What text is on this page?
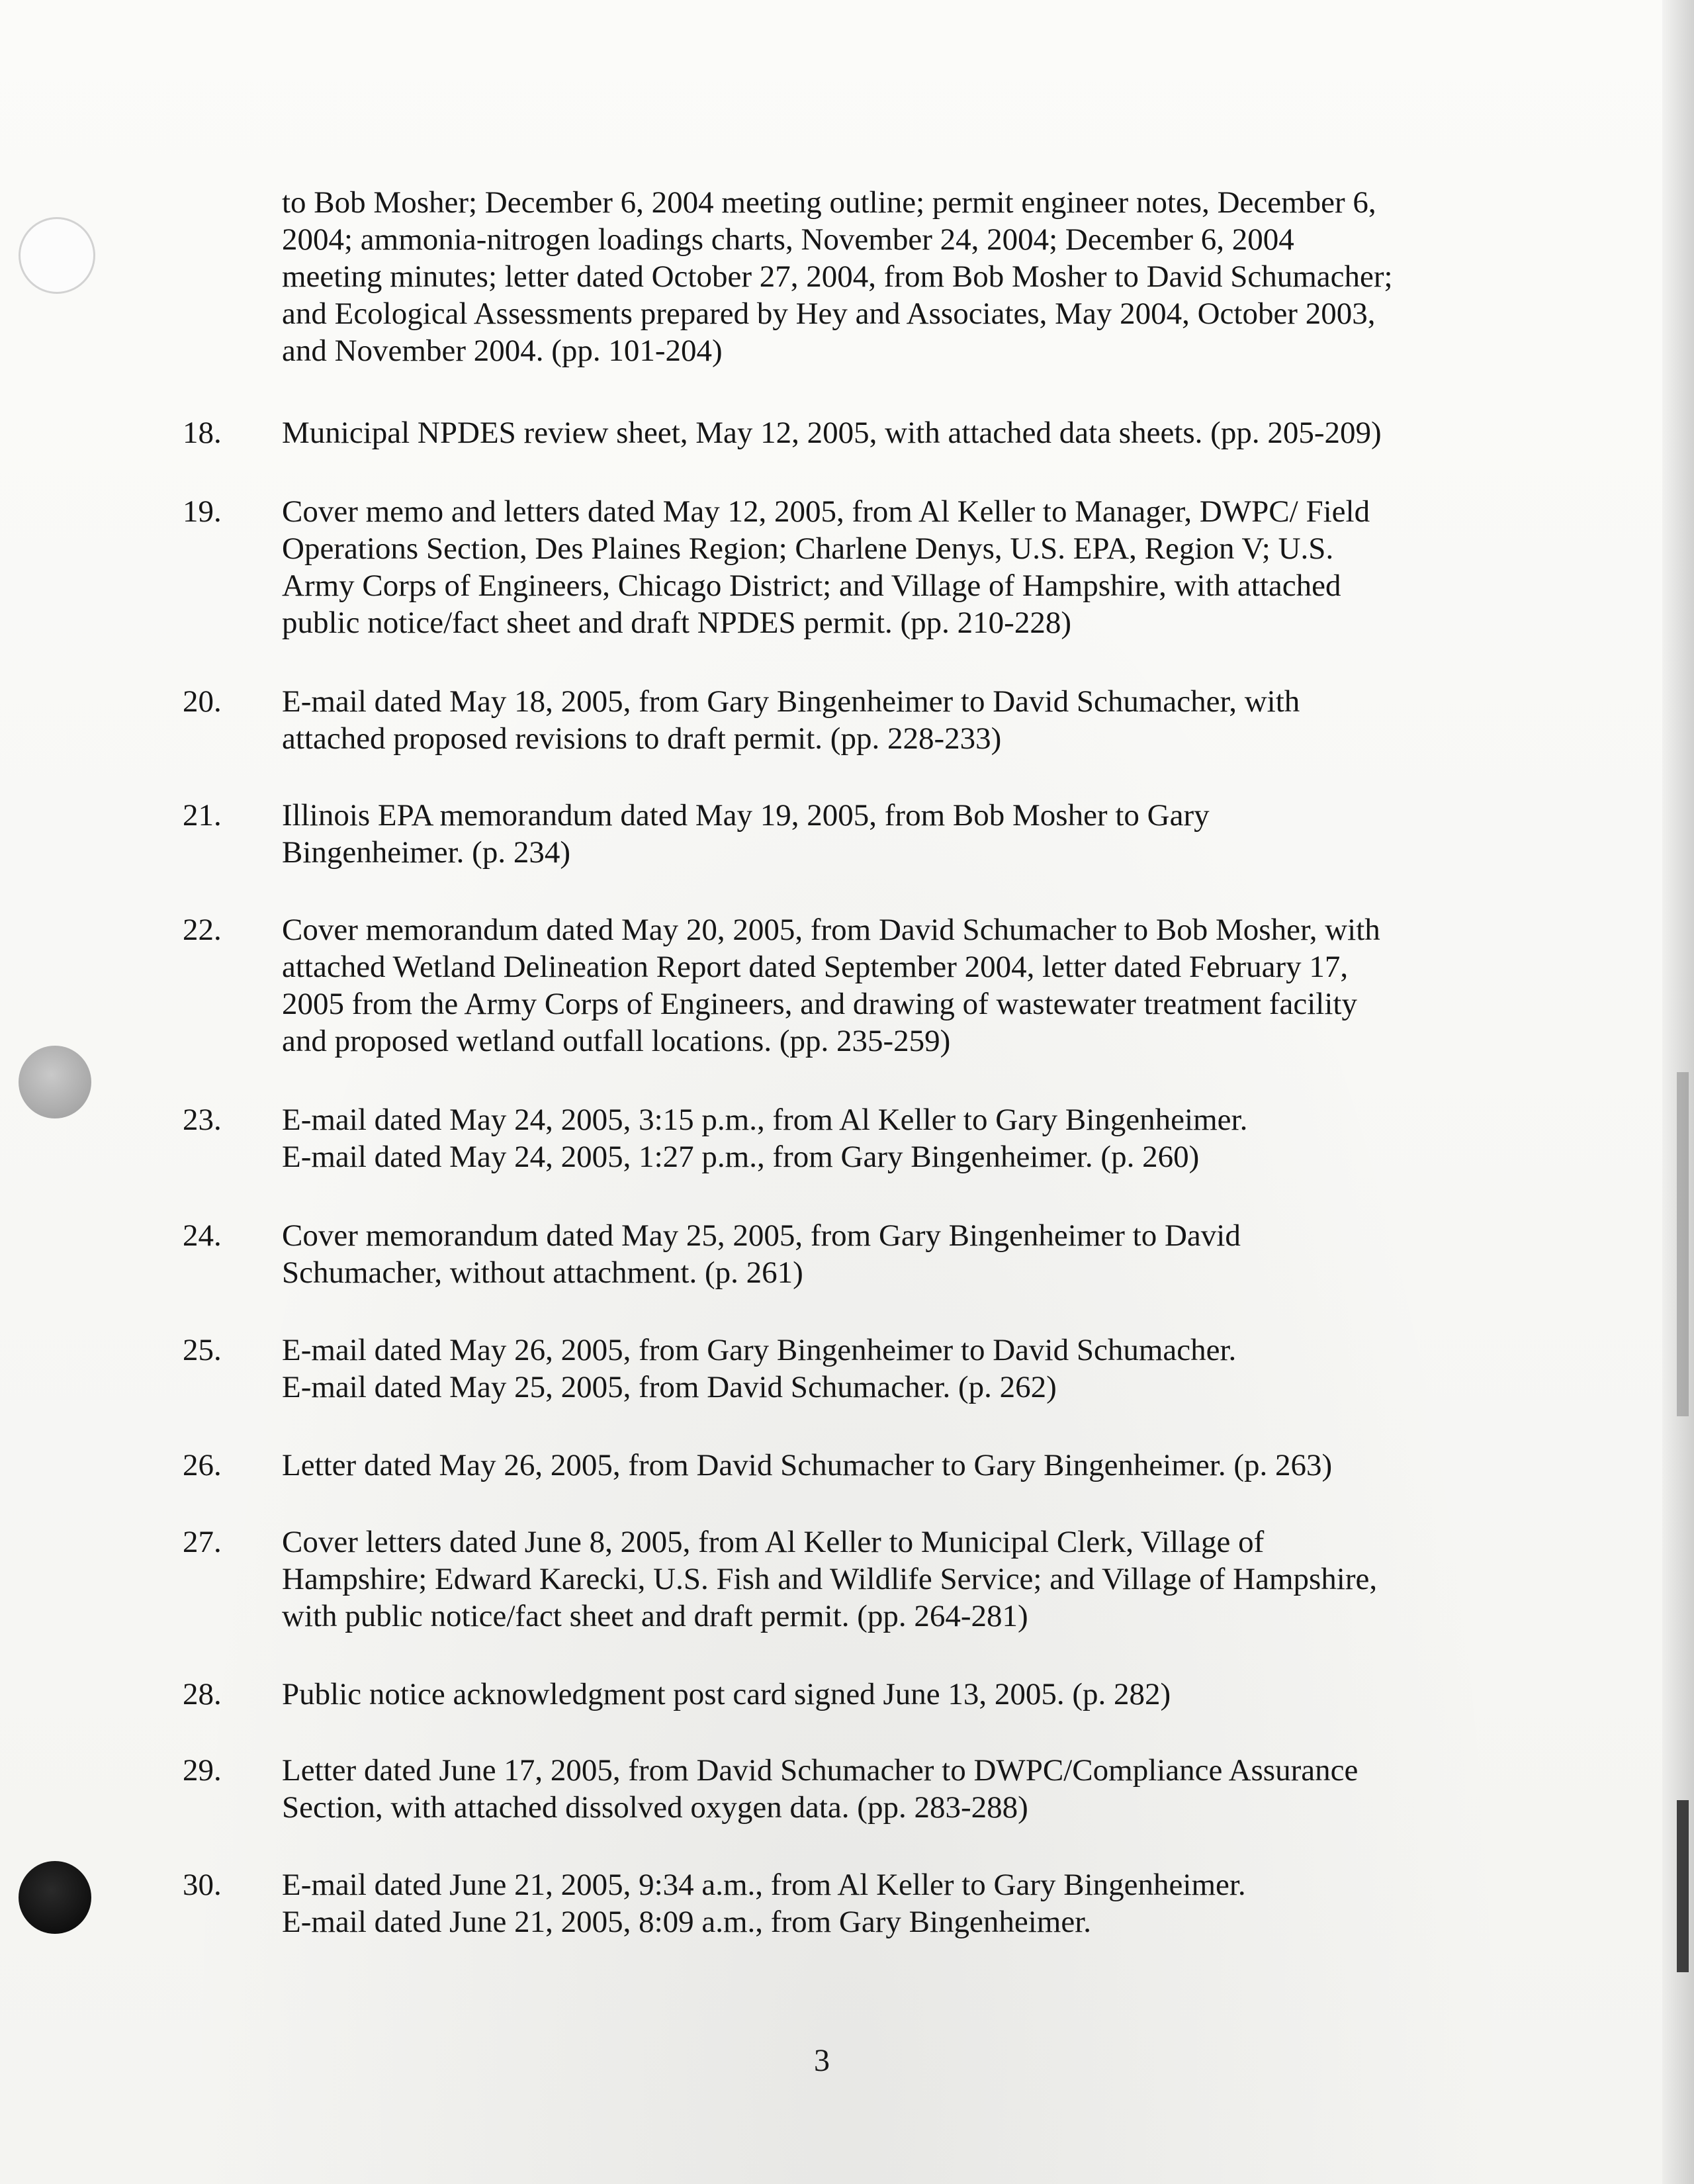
to Bob Mosher; December 6, 2004 meeting outline; permit engineer notes, December 6,
2004; ammonia-nitrogen loadings charts, November 24, 2004; December 6, 2004
meeting minutes; letter dated October 27, 2004, from Bob Mosher to David Schumacher;
and Ecological Assessments prepared by Hey and Associates, May 2004, October 2003,
and November 2004. (pp. 101-204)
18. Municipal NPDES review sheet, May 12, 2005, with attached data sheets. (pp. 205-209)
19. Cover memo and letters dated May 12, 2005, from Al Keller to Manager, DWPC/ Field
Operations Section, Des Plaines Region; Charlene Denys, U.S. EPA, Region V; U.S.
Army Corps of Engineers, Chicago District; and Village of Hampshire, with attached
public notice/fact sheet and draft NPDES permit. (pp. 210-228)
20. E-mail dated May 18, 2005, from Gary Bingenheimer to David Schumacher, with
attached proposed revisions to draft permit. (pp. 228-233)
21. Illinois EPA memorandum dated May 19, 2005, from Bob Mosher to Gary
Bingenheimer. (p. 234)
22. Cover memorandum dated May 20, 2005, from David Schumacher to Bob Mosher, with
attached Wetland Delineation Report dated September 2004, letter dated February 17,
2005 from the Army Corps of Engineers, and drawing of wastewater treatment facility
and proposed wetland outfall locations. (pp. 235-259)
23. E-mail dated May 24, 2005, 3:15 p.m., from Al Keller to Gary Bingenheimer.
E-mail dated May 24, 2005, 1:27 p.m., from Gary Bingenheimer. (p. 260)
24. Cover memorandum dated May 25, 2005, from Gary Bingenheimer to David
Schumacher, without attachment. (p. 261)
25. E-mail dated May 26, 2005, from Gary Bingenheimer to David Schumacher.
E-mail dated May 25, 2005, from David Schumacher. (p. 262)
26. Letter dated May 26, 2005, from David Schumacher to Gary Bingenheimer. (p. 263)
27. Cover letters dated June 8, 2005, from Al Keller to Municipal Clerk, Village of
Hampshire; Edward Karecki, U.S. Fish and Wildlife Service; and Village of Hampshire,
with public notice/fact sheet and draft permit. (pp. 264-281)
28. Public notice acknowledgment post card signed June 13, 2005. (p. 282)
29. Letter dated June 17, 2005, from David Schumacher to DWPC/Compliance Assurance
Section, with attached dissolved oxygen data. (pp. 283-288)
30. E-mail dated June 21, 2005, 9:34 a.m., from Al Keller to Gary Bingenheimer.
E-mail dated June 21, 2005, 8:09 a.m., from Gary Bingenheimer.
3
